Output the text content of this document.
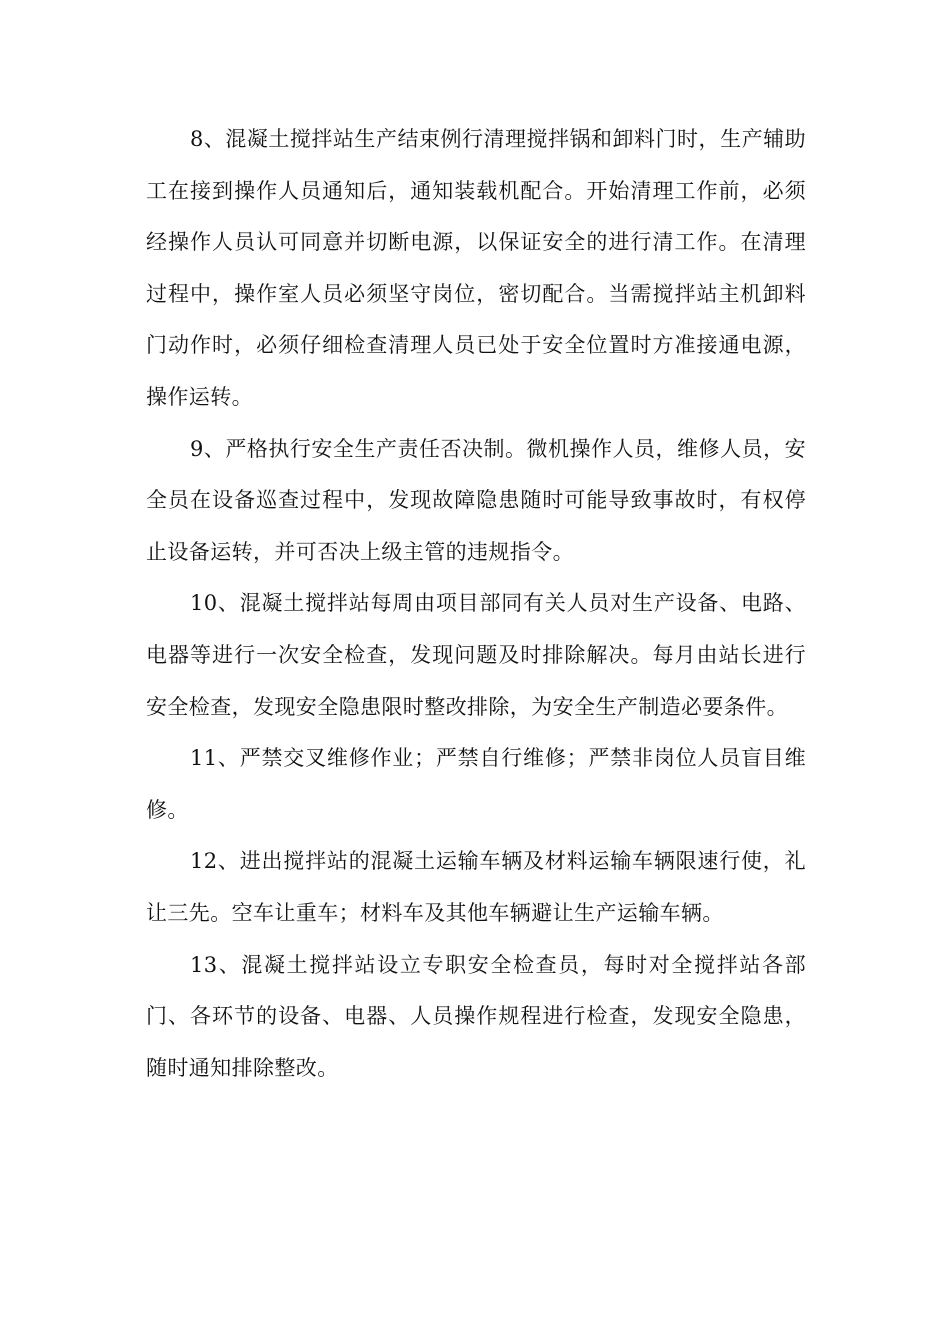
8、混凝土搅拌站生产结束例行清理搅拌锅和卸料门时，生产辅助工在接到操作人员通知后，通知装载机配合。开始清理工作前，必须经操作人员认可同意并切断电源，以保证安全的进行清工作。在清理过程中，操作室人员必须坚守岗位，密切配合。当需搅拌站主机卸料门动作时，必须仔细检查清理人员已处于安全位置时方准接通电源，操作运转。

9、严格执行安全生产责任否决制。微机操作人员，维修人员，安全员在设备巡查过程中，发现故障隐患随时可能导致事故时，有权停止设备运转，并可否决上级主管的违规指令。

10、混凝土搅拌站每周由项目部同有关人员对生产设备、电路、电器等进行一次安全检查，发现问题及时排除解决。每月由站长进行安全检查，发现安全隐患限时整改排除，为安全生产制造必要条件。

11、严禁交叉维修作业；严禁自行维修；严禁非岗位人员盲目维修。

12、进出搅拌站的混凝土运输车辆及材料运输车辆限速行使，礼让三先。空车让重车；材料车及其他车辆避让生产运输车辆。

13、混凝土搅拌站设立专职安全检查员，每时对全搅拌站各部门、各环节的设备、电器、人员操作规程进行检查，发现安全隐患，随时通知排除整改。
